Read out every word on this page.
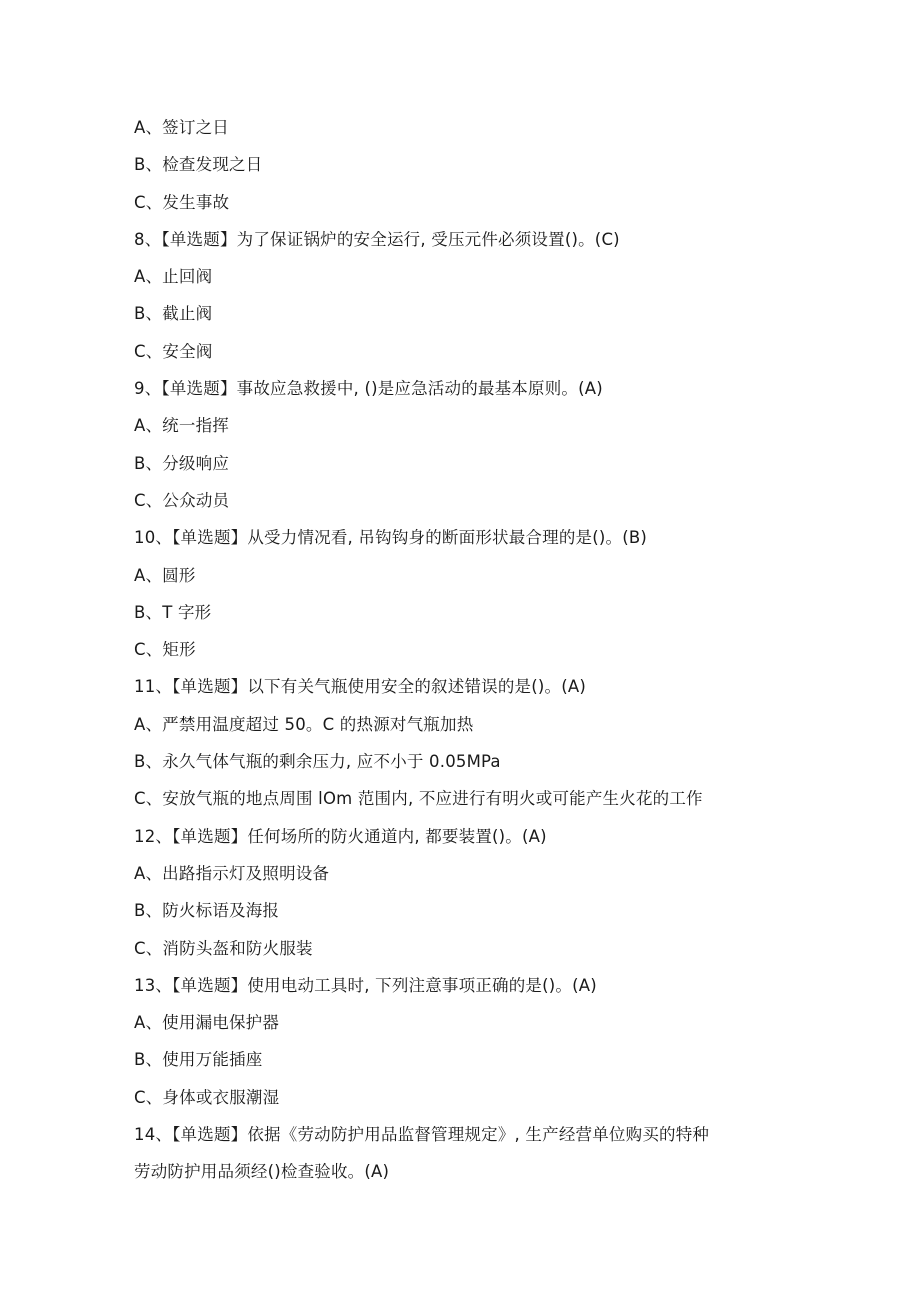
A、签订之日
B、检查发现之日
C、发生事故
8、【单选题】为了保证锅炉的安全运行, 受压元件必须设置()。(C)
A、止回阀
B、截止阀
C、安全阀
9、【单选题】事故应急救援中, ()是应急活动的最基本原则。(A)
A、统一指挥
B、分级响应
C、公众动员
10、【单选题】从受力情况看, 吊钩钩身的断面形状最合理的是()。(B)
A、圆形
B、T 字形
C、矩形
11、【单选题】以下有关气瓶使用安全的叙述错误的是()。(A)
A、严禁用温度超过 50。C 的热源对气瓶加热
B、永久气体气瓶的剩余压力, 应不小于 0.05MPa
C、安放气瓶的地点周围 lOm 范围内, 不应进行有明火或可能产生火花的工作
12、【单选题】任何场所的防火通道内, 都要装置()。(A)
A、出路指示灯及照明设备
B、防火标语及海报
C、消防头盔和防火服装
13、【单选题】使用电动工具时, 下列注意事项正确的是()。(A)
A、使用漏电保护器
B、使用万能插座
C、身体或衣服潮湿
14、【单选题】依据《劳动防护用品监督管理规定》, 生产经营单位购买的特种
劳动防护用品须经()检查验收。(A)
